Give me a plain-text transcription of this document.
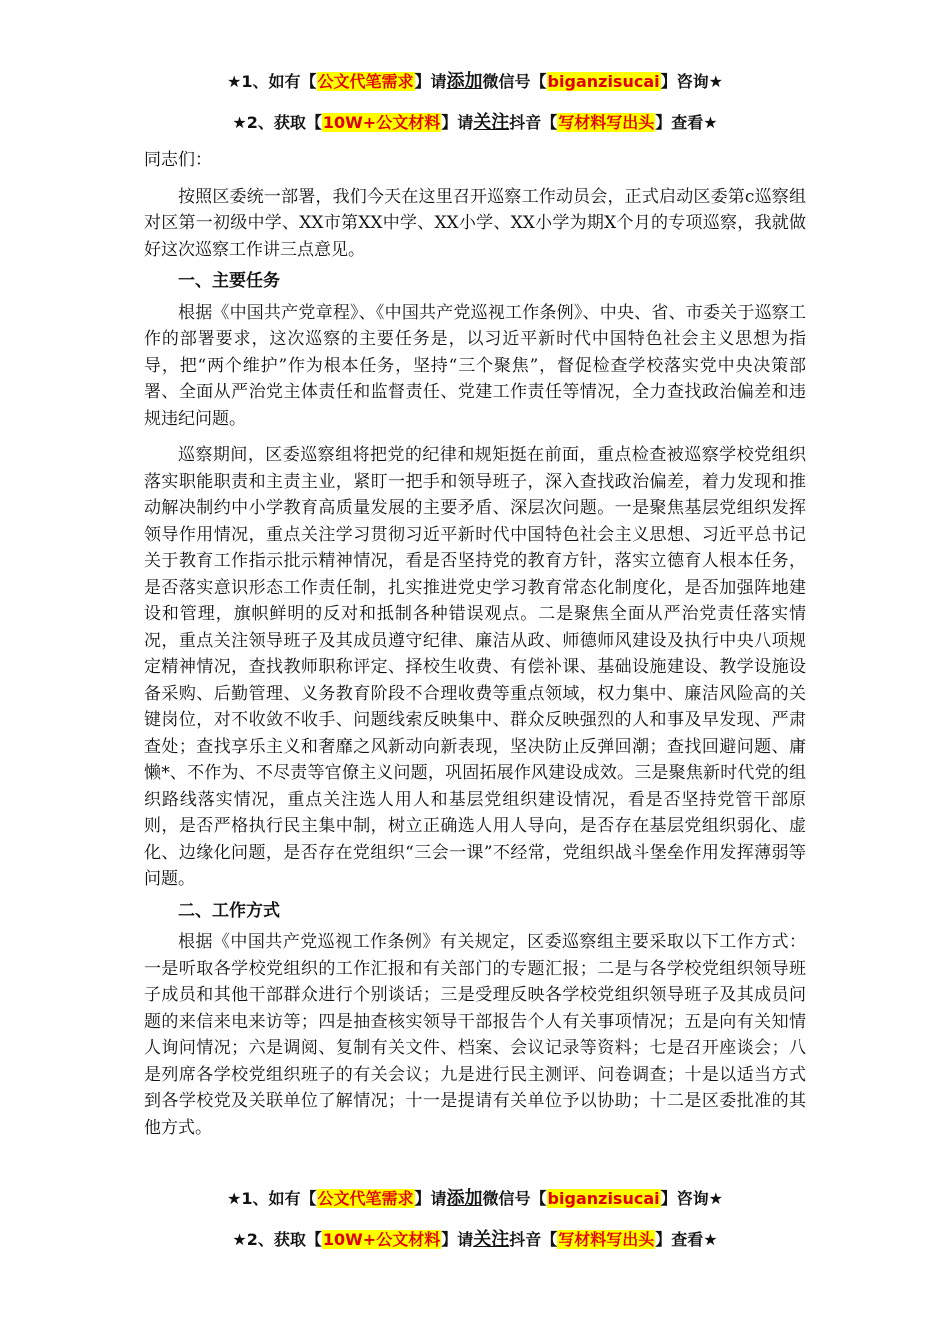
★1、如有【公文代笔需求】请添加微信号【biganzisucai】咨询★
★2、获取【10W+公文材料】请关注抖音【写材料写出头】查看★

同志们：

按照区委统一部署，我们今天在这里召开巡察工作动员会，正式启动区委第c巡察组对区第一初级中学、XX市第XX中学、XX小学、XX小学为期X个月的专项巡察，我就做好这次巡察工作讲三点意见。

一、主要任务

根据《中国共产党章程》、《中国共产党巡视工作条例》、中央、省、市委关于巡察工作的部署要求，这次巡察的主要任务是，以习近平新时代中国特色社会主义思想为指导，把“两个维护”作为根本任务，坚持“三个聚焦”，督促检查学校落实党中央决策部署、全面从严治党主体责任和监督责任、党建工作责任等情况，全力查找政治偏差和违规违纪问题。

巡察期间，区委巡察组将把党的纪律和规矩挺在前面，重点检查被巡察学校党组织落实职能职责和主责主业，紧盯一把手和领导班子，深入查找政治偏差，着力发现和推动解决制约中小学教育高质量发展的主要矛盾、深层次问题。一是聚焦基层党组织发挥领导作用情况，重点关注学习贯彻习近平新时代中国特色社会主义思想、习近平总书记关于教育工作指示批示精神情况，看是否坚持党的教育方针，落实立德育人根本任务，是否落实意识形态工作责任制，扎实推进党史学习教育常态化制度化，是否加强阵地建设和管理，旗帜鲜明的反对和抵制各种错误观点。二是聚焦全面从严治党责任落实情况，重点关注领导班子及其成员遵守纪律、廉洁从政、师德师风建设及执行中央八项规定精神情况，查找教师职称评定、择校生收费、有偿补课、基础设施建设、教学设施设备采购、后勤管理、义务教育阶段不合理收费等重点领域，权力集中、廉洁风险高的关键岗位，对不收敛不收手、问题线索反映集中、群众反映强烈的人和事及早发现、严肃查处；查找享乐主义和奢靡之风新动向新表现，坚决防止反弹回潮；查找回避问题、庸懒*、不作为、不尽责等官僚主义问题，巩固拓展作风建设成效。三是聚焦新时代党的组织路线落实情况，重点关注选人用人和基层党组织建设情况，看是否坚持党管干部原则，是否严格执行民主集中制，树立正确选人用人导向，是否存在基层党组织弱化、虚化、边缘化问题，是否存在党组织“三会一课”不经常，党组织战斗堡垒作用发挥薄弱等问题。

二、工作方式

根据《中国共产党巡视工作条例》有关规定，区委巡察组主要采取以下工作方式：一是听取各学校党组织的工作汇报和有关部门的专题汇报；二是与各学校党组织领导班子成员和其他干部群众进行个别谈话；三是受理反映各学校党组织领导班子及其成员问题的来信来电来访等；四是抽查核实领导干部报告个人有关事项情况；五是向有关知情人询问情况；六是调阅、复制有关文件、档案、会议记录等资料；七是召开座谈会；八是列席各学校党组织班子的有关会议；九是进行民主测评、问卷调查；十是以适当方式到各学校党及关联单位了解情况；十一是提请有关单位予以协助；十二是区委批准的其他方式。

★1、如有【公文代笔需求】请添加微信号【biganzisucai】咨询★
★2、获取【10W+公文材料】请关注抖音【写材料写出头】查看★
